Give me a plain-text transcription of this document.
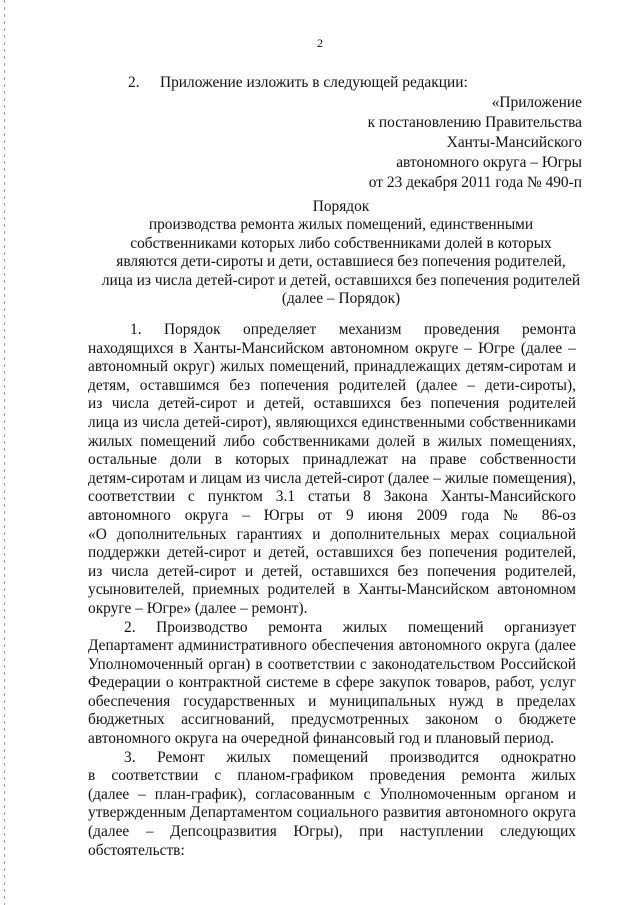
2
2. Приложение изложить в следующей редакции:
«Приложение
к постановлению Правительства
Ханты-Мансийского
автономного округа – Югры
от 23 декабря 2011 года № 490-п
Порядок
производства ремонта жилых помещений, единственными
собственниками которых либо собственниками долей в которых
являются дети-сироты и дети, оставшиеся без попечения родителей,
лица из числа детей-сирот и детей, оставшихся без попечения родителей
(далее – Порядок)
1. Порядок определяет механизм проведения ремонта
находящихся в Ханты-Мансийском автономном округе – Югре (далее –
автономный округ) жилых помещений, принадлежащих детям-сиротам и
детям, оставшимся без попечения родителей (далее – дети-сироты),
из числа детей-сирот и детей, оставшихся без попечения родителей
лица из числа детей-сирот), являющихся единственными собственниками
жилых помещений либо собственниками долей в жилых помещениях,
остальные доли в которых принадлежат на праве собственности
детям-сиротам и лицам из числа детей-сирот (далее – жилые помещения),
соответствии с пунктом 3.1 статьи 8 Закона Ханты-Мансийского
автономного округа – Югры от 9 июня 2009 года № 86-оз
«О дополнительных гарантиях и дополнительных мерах социальной
поддержки детей-сирот и детей, оставшихся без попечения родителей,
из числа детей-сирот и детей, оставшихся без попечения родителей,
усыновителей, приемных родителей в Ханты-Мансийском автономном
округе – Югре» (далее – ремонт).
2. Производство ремонта жилых помещений организует
Департамент административного обеспечения автономного округа (далее
Уполномоченный орган) в соответствии с законодательством Российской
Федерации о контрактной системе в сфере закупок товаров, работ, услуг
обеспечения государственных и муниципальных нужд в пределах
бюджетных ассигнований, предусмотренных законом о бюджете
автономного округа на очередной финансовый год и плановый период.
3. Ремонт жилых помещений производится однократно
в соответствии с планом-графиком проведения ремонта жилых
(далее – план-график), согласованным с Уполномоченным органом и
утвержденным Департаментом социального развития автономного округа
(далее – Депсоцразвития Югры), при наступлении следующих
обстоятельств:
